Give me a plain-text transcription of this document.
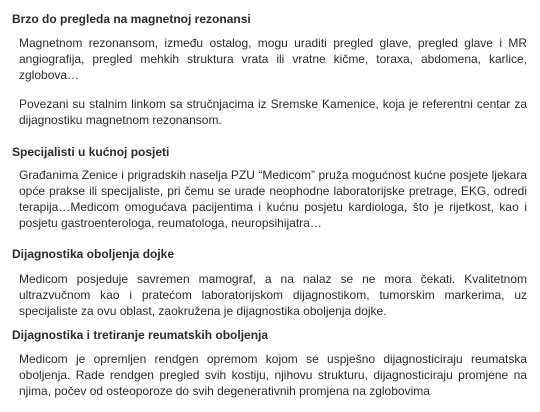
Brzo do pregleda na magnetnoj rezonansi
Magnetnom rezonansom, između ostalog, mogu uraditi pregled glave, pregled glave i MR
angiografija, pregled mehkih struktura vrata ili vratne kičme, toraxa, abdomena, karlice,
zglobova…
Povezani su stalnim linkom sa stručnjacima iz Sremske Kamenice, koja je referentni centar za
dijagnostiku magnetnom rezonansom.
Specijalisti u kućnoj posjeti
Građanima Zenice i prigradskih naselja PZU “Medicom” pruža mogućnost kućne posjete ljekara
opće prakse ili specijaliste, pri čemu se urade neophodne laboratorijske pretrage, EKG, odredi
terapija…Medicom omogućava pacijentima i kućnu posjetu kardiologa, što je rijetkost, kao i
posjetu gastroenterologa, reumatologa, neuropsihijatra…
Dijagnostika oboljenja dojke
Medicom posjeduje savremen mamograf, a na nalaz se ne mora čekati. Kvalitetnom
ultrazvučnom kao i pratećom laboratorijskom dijagnostikom, tumorskim markerima, uz
specijaliste za ovu oblast, zaokružena je dijagnostika oboljenja dojke.
Dijagnostika i tretiranje reumatskih oboljenja
Medicom je opremljen rendgen opremom kojom se uspješno dijagnosticiraju reumatska
oboljenja. Rade rendgen pregled svih kostiju, njihovu strukturu, dijagnosticiraju promjene na
njima, počev od osteoporoze do svih degenerativnih promjena na zglobovima
